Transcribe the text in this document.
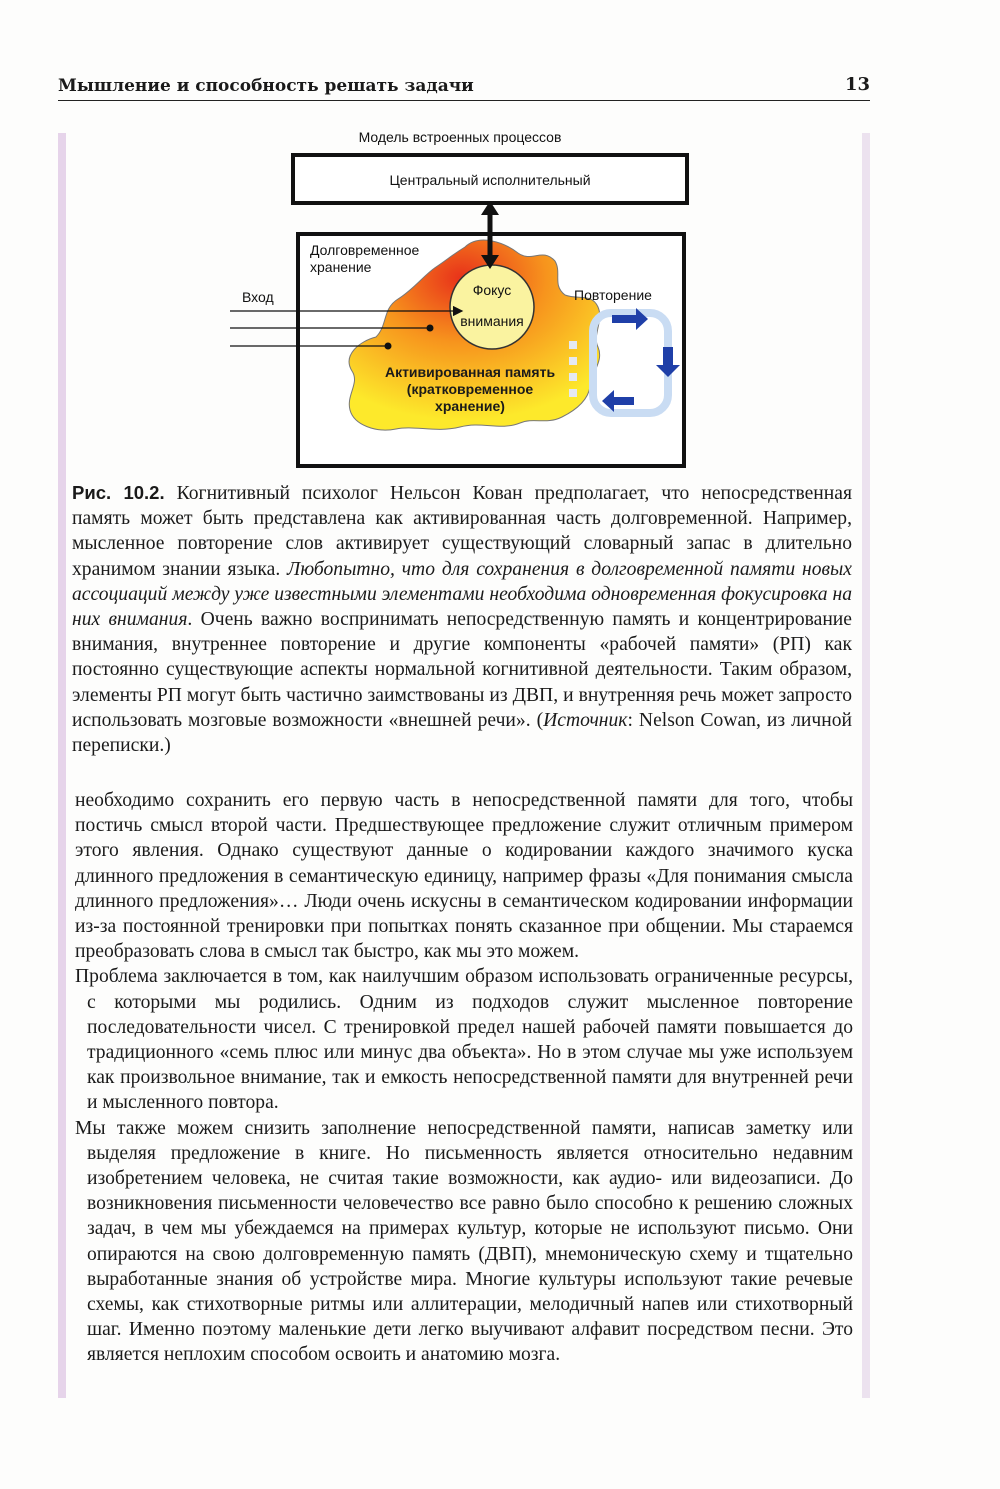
Мышление и способность решать задачи	13
Модель встроенных процессов
Центральный исполнительный
Долговременное
хранение
Фокус
внимания
Вход	Повторение
Активированная память
(кратковременное
хранение)
Рис. 10.2. Когнитивный психолог Нельсон Кован предполагает, что непосредственная память может быть представлена как активированная часть долговременной. Например, мысленное повторение слов активирует существующий словарный запас в длительно хранимом знании языка. Любопытно, что для сохранения в долговременной памяти новых ассоциаций между уже известными элементами необходима одновременная фокусировка на них внимания. Очень важно воспринимать непосредственную память и концентрирование внимания, внутреннее повторение и другие компоненты «рабочей памяти» (РП) как постоянно существующие аспекты нормальной когнитивной деятельности. Таким образом, элементы РП могут быть частично заимствованы из ДВП, и внутренняя речь может запросто использовать мозговые возможности «внешней речи». (Источник: Nelson Cowan, из личной переписки.)

необходимо сохранить его первую часть в непосредственной памяти для того, чтобы постичь смысл второй части. Предшествующее предложение служит отличным примером этого явления. Однако существуют данные о кодировании каждого значимого куска длинного предложения в семантическую единицу, например фразы «Для понимания смысла длинного предложения»… Люди очень искусны в семантическом кодировании информации из-за постоянной тренировки при попытках понять сказанное при общении. Мы стараемся преобразовать слова в смысл так быстро, как мы это можем.

Проблема заключается в том, как наилучшим образом использовать ограниченные ресурсы, с которыми мы родились. Одним из подходов служит мысленное повторение последовательности чисел. С тренировкой предел нашей рабочей памяти повышается до традиционного «семь плюс или минус два объекта». Но в этом случае мы уже используем как произвольное внимание, так и емкость непосредственной памяти для внутренней речи и мысленного повтора.

Мы также можем снизить заполнение непосредственной памяти, написав заметку или выделяя предложение в книге. Но письменность является относительно недавним изобретением человека, не считая такие возможности, как аудио- или видеозаписи. До возникновения письменности человечество все равно было способно к решению сложных задач, в чем мы убеждаемся на примерах культур, которые не используют письмо. Они опираются на свою долговременную память (ДВП), мнемоническую схему и тщательно выработанные знания об устройстве мира. Многие культуры используют такие речевые схемы, как стихотворные ритмы или аллитерации, мелодичный напев или стихотворный шаг. Именно поэтому маленькие дети легко выучивают алфавит посредством песни. Это является неплохим способом освоить и анатомию мозга.
